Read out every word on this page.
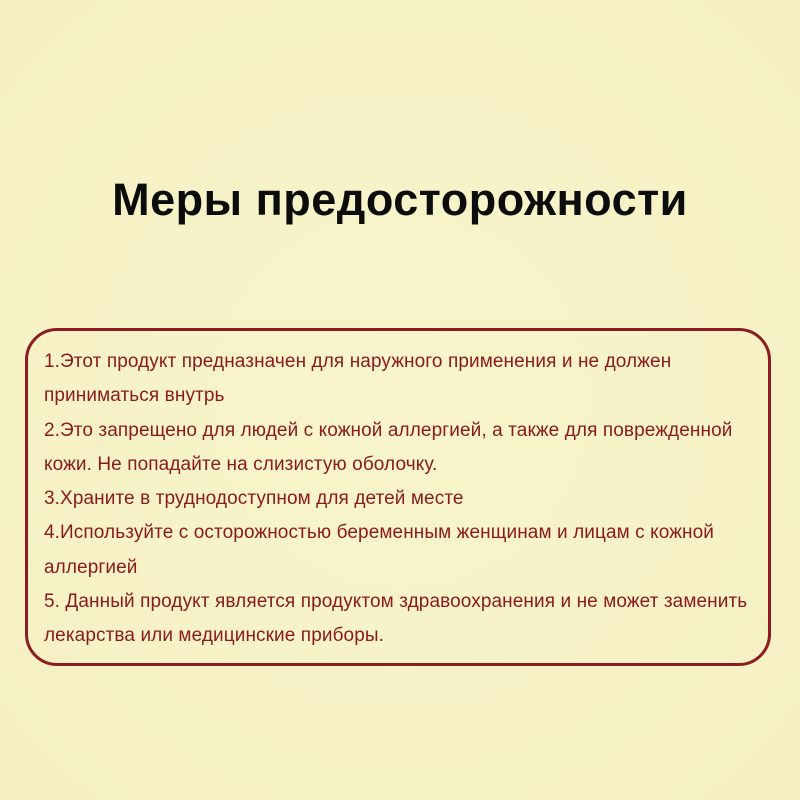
Меры предосторожности
1.Этот продукт предназначен для наружного применения и не должен приниматься внутрь
2.Это запрещено для людей с кожной аллергией, а также для поврежденной кожи. Не попадайте на слизистую оболочку.
3.Храните в труднодоступном для детей месте
4.Используйте с осторожностью беременным женщинам и лицам с кожной аллергией
5. Данный продукт является продуктом здравоохранения и не может заменить лекарства или медицинские приборы.
